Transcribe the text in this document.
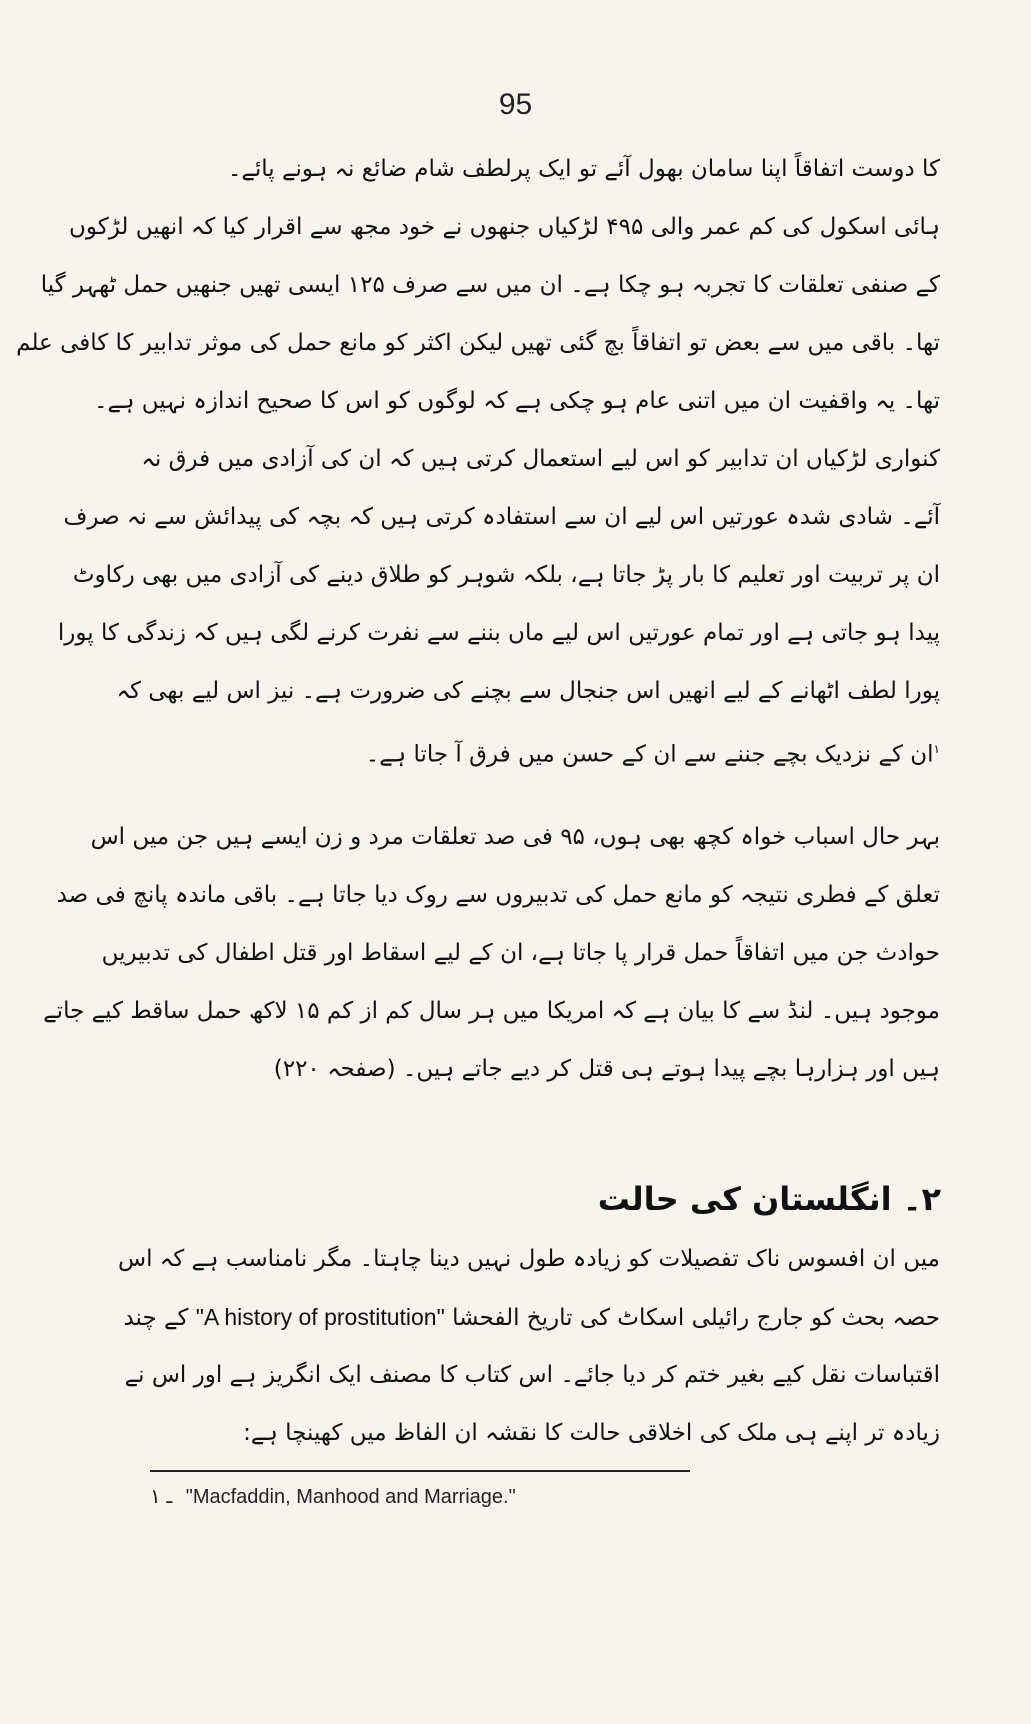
95
کا دوست اتفاقاً اپنا سامان بھول آئے تو ایک پرلطف شام ضائع نہ ہونے پائے۔
ہائی اسکول کی کم عمر والی ۴۹۵ لڑکیاں جنھوں نے خود مجھ سے اقرار کیا کہ انھیں لڑکوں
کے صنفی تعلقات کا تجربہ ہو چکا ہے۔ ان میں سے صرف ۱۲۵ ایسی تھیں جنھیں حمل ٹھہر گیا
تھا۔ باقی میں سے بعض تو اتفاقاً بچ گئی تھیں لیکن اکثر کو مانع حمل کی موثر تدابیر کا کافی علم
تھا۔ یہ واقفیت ان میں اتنی عام ہو چکی ہے کہ لوگوں کو اس کا صحیح اندازہ نہیں ہے۔
کنواری لڑکیاں ان تدابیر کو اس لیے استعمال کرتی ہیں کہ ان کی آزادی میں فرق نہ
آئے۔ شادی شدہ عورتیں اس لیے ان سے استفادہ کرتی ہیں کہ بچہ کی پیدائش سے نہ صرف
ان پر تربیت اور تعلیم کا بار پڑ جاتا ہے، بلکہ شوہر کو طلاق دینے کی آزادی میں بھی رکاوٹ
پیدا ہو جاتی ہے اور تمام عورتیں اس لیے ماں بننے سے نفرت کرنے لگی ہیں کہ زندگی کا پورا
پورا لطف اٹھانے کے لیے انھیں اس جنجال سے بچنے کی ضرورت ہے۔ نیز اس لیے بھی کہ
$^۱$ان کے نزدیک بچے جننے سے ان کے حسن میں فرق آ جاتا ہے۔
بہر حال اسباب خواہ کچھ بھی ہوں، ۹۵ فی صد تعلقات مرد و زن ایسے ہیں جن میں اس
تعلق کے فطری نتیجہ کو مانع حمل کی تدبیروں سے روک دیا جاتا ہے۔ باقی ماندہ پانچ فی صد
حوادث جن میں اتفاقاً حمل قرار پا جاتا ہے، ان کے لیے اسقاط اور قتل اطفال کی تدبیریں
موجود ہیں۔ لنڈ سے کا بیان ہے کہ امریکا میں ہر سال کم از کم ۱۵ لاکھ حمل ساقط کیے جاتے
ہیں اور ہزارہا بچے پیدا ہوتے ہی قتل کر دیے جاتے ہیں۔ (صفحہ ۲۲۰)
۲۔ انگلستان کی حالت
میں ان افسوس ناک تفصیلات کو زیادہ طول نہیں دینا چاہتا۔ مگر نامناسب ہے کہ اس
حصہ بحث کو جارج رائیلی اسکاٹ کی تاریخ الفحشا "A history of prostitution" کے چند
اقتباسات نقل کیے بغیر ختم کر دیا جائے۔ اس کتاب کا مصنف ایک انگریز ہے اور اس نے
زیادہ تر اپنے ہی ملک کی اخلاقی حالت کا نقشہ ان الفاظ میں کھینچا ہے:
۱ ـ "Macfaddin, Manhood and Marriage."
